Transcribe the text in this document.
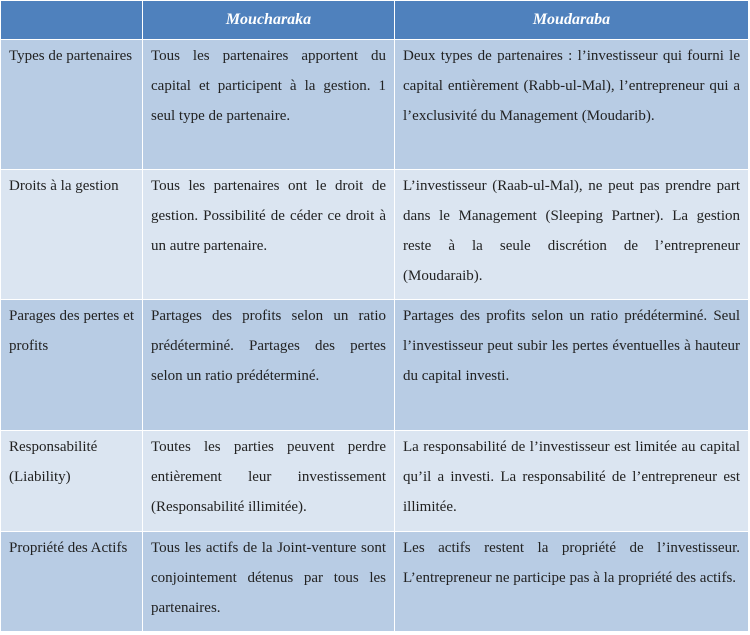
	Moucharaka	Moudaraba
Types de partenaires	Tous les partenaires apportent du capital et participent à la gestion. 1 seul type de partenaire.	Deux types de partenaires : l’investisseur qui fourni le capital entièrement (Rabb-ul-Mal), l’entrepreneur qui a l’exclusivité du Management (Moudarib).
Droits à la gestion	Tous les partenaires ont le droit de gestion. Possibilité de céder ce droit à un autre partenaire.	L’investisseur (Raab-ul-Mal), ne peut pas prendre part dans le Management (Sleeping Partner). La gestion reste à la seule discrétion de l’entrepreneur (Moudaraib).
Parages des pertes et profits	Partages des profits selon un ratio prédéterminé. Partages des pertes selon un ratio prédéterminé.	Partages des profits selon un ratio prédéterminé. Seul l’investisseur peut subir les pertes éventuelles à hauteur du capital investi.
Responsabilité (Liability)	Toutes les parties peuvent perdre entièrement leur investissement (Responsabilité illimitée).	La responsabilité de l’investisseur est limitée au capital qu’il a investi. La responsabilité de l’entrepreneur est illimitée.
Propriété des Actifs	Tous les actifs de la Joint-venture sont conjointement détenus par tous les partenaires.	Les actifs restent la propriété de l’investisseur. L’entrepreneur ne participe pas à la propriété des actifs.
